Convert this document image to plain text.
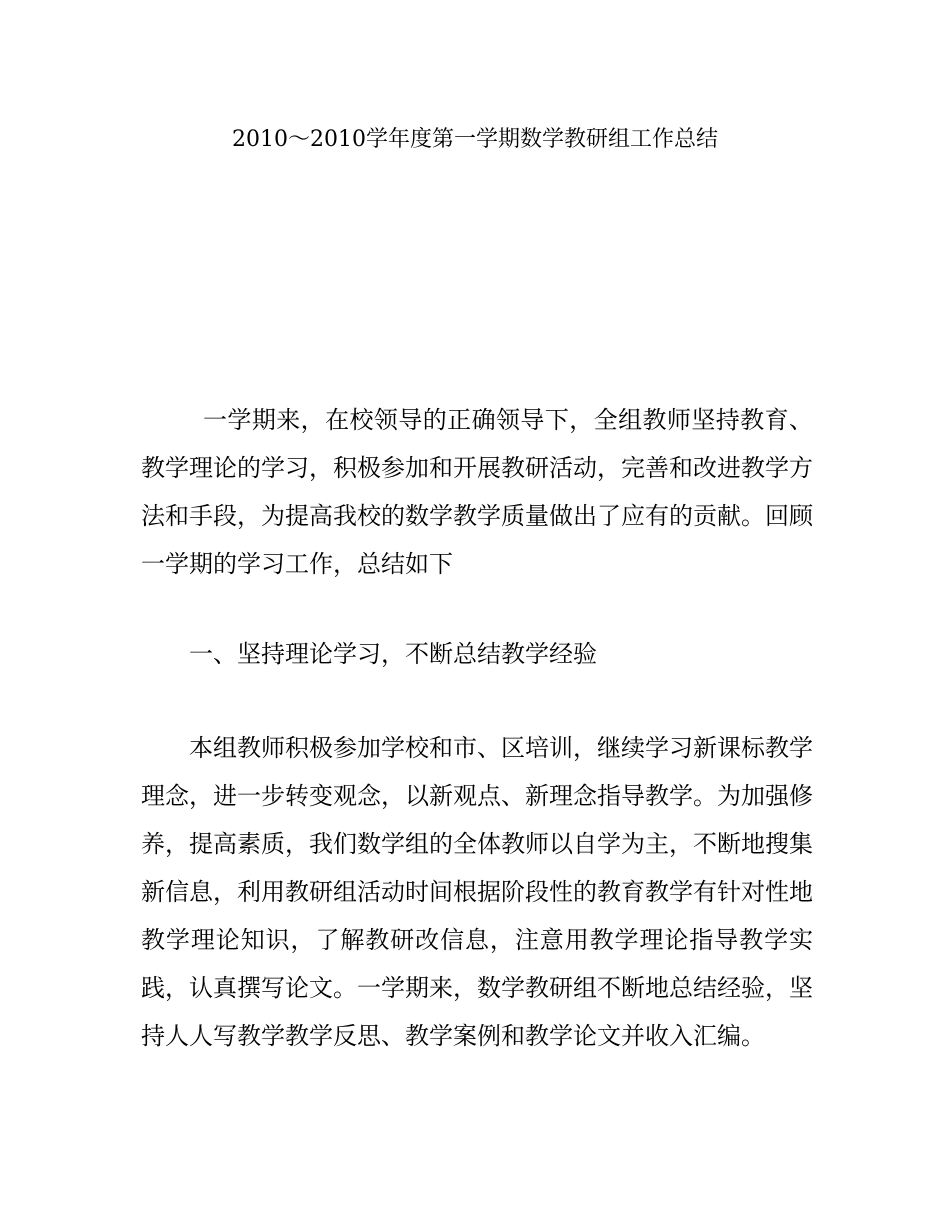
2010～2010学年度第一学期数学教研组工作总结

一学期来，在校领导的正确领导下，全组教师坚持教育、教学理论的学习，积极参加和开展教研活动，完善和改进教学方法和手段，为提高我校的数学教学质量做出了应有的贡献。回顾一学期的学习工作，总结如下

一、坚持理论学习，不断总结教学经验

本组教师积极参加学校和市、区培训，继续学习新课标教学理念，进一步转变观念，以新观点、新理念指导教学。为加强修养，提高素质，我们数学组的全体教师以自学为主，不断地搜集新信息，利用教研组活动时间根据阶段性的教育教学有针对性地教学理论知识，了解教研改信息，注意用教学理论指导教学实践，认真撰写论文。一学期来，数学教研组不断地总结经验，坚持人人写教学教学反思、教学案例和教学论文并收入汇编。
